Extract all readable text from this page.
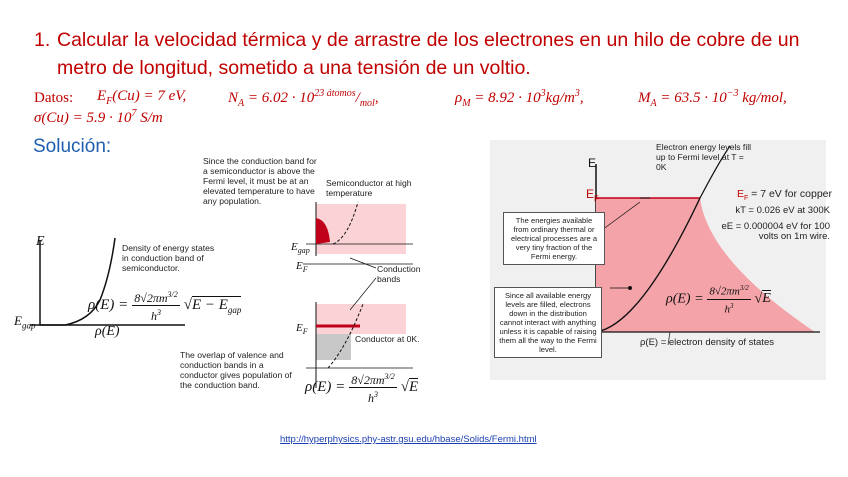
1. Calcular la velocidad térmica y de arrastre de los electrones en un hilo de cobre de un metro de longitud, sometido a una tensión de un voltio.
Datos: $E_F(Cu) = 7$ eV,	$N_A = 6.02 \cdot 10^{23 átomos}/_{mol}$,	$\rho_M = 8.92 \cdot 10^3kg/m^3$,	$M_A = 63.5 \cdot 10^{-3}$ kg/mol,
$\sigma(Cu) = 5.9 \cdot 10^7$ S/m
Solución:
E
$E_{gap}$
Density of energy states in conduction band of semiconductor.
$\rho(E) = 8√2\pi m^{3/2}$
$h^3$ $√E - E_{gap}$
ρ(E)
Since the conduction band for a semiconductor is above the Fermi level, it must be at an elevated temperature to have any population.
Semiconductor at high temperature
$E_{gap}$
$E_F$	Conduction bands
$E_F$
Conductor at 0K.
The overlap of valence and conduction bands in a conductor gives population of the conduction band.	$\rho(E) = 8√2\pi m^{3/2}$
$h^3$ √E
E
$E_F$
Electron energy levels fill up to Fermi level at T = 0K
$E_F = 7$ eV for copper
kT = 0.026 eV at 300K
eE = 0.000004 eV for 100 volts on 1m wire.
The energies available from ordinary thermal or electrical processes are a very tiny fraction of the Fermi energy.
Since all available energy levels are filled, electrons down in the distribution cannot interact with anything unless it is capable of raising them all the way to the Fermi level.
$\rho(E) = 8√2\pi m^{3/2}$
$h^3$ √E
ρ(E) = electron density of states
http://hyperphysics.phy-astr.gsu.edu/hbase/Solids/Fermi.html
